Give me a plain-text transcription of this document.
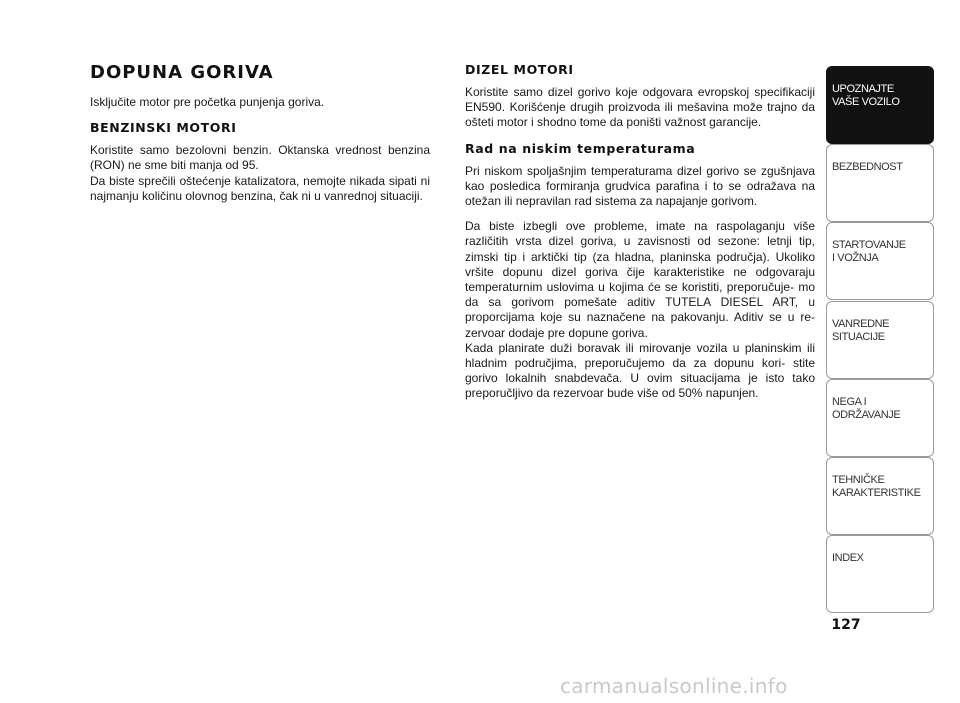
DOPUNA GORIVA

Isključite motor pre početka punjenja goriva.

BENZINSKI MOTORI

Koristite samo bezolovni benzin. Oktanska vrednost benzina (RON) ne sme biti manja od 95.

Da biste sprečili oštećenje katalizatora, nemojte nikada sipati ni najmanju količinu olovnog benzina, čak ni u vanrednoj situaciji.

DIZEL MOTORI

Koristite samo dizel gorivo koje odgovara evropskoj specifikaciji EN590. Korišćenje drugih proizvoda ili mešavina može trajno da ošteti motor i shodno tome da poništi važnost garancije.

Rad na niskim temperaturama

Pri niskom spoljašnjim temperaturama dizel gorivo se zgušnjava kao posledica formiranja grudvica parafina i to se odražava na otežan ili nepravilan rad sistema za napajanje gorivom.

Da biste izbegli ove probleme, imate na raspolaganju više različitih vrsta dizel goriva, u zavisnosti od sezone: letnji tip, zimski tip i arktički tip (za hladna, planinska područja). Ukoliko vršite dopunu dizel goriva čije karakteristike ne odgovaraju temperaturnim uslovima u kojima će se koristiti, preporučuje- mo da sa gorivom pomešate aditiv TUTELA DIESEL ART, u proporcijama koje su naznačene na pakovanju. Aditiv se u re- zervoar dodaje pre dopune goriva.

Kada planirate duži boravak ili mirovanje vozila u planinskim ili hladnim područjima, preporučujemo da za dopunu kori- stite gorivo lokalnih snabdevača. U ovim situacijama je isto tako preporučljivo da rezervoar bude više od 50% napunjen.

UPOZNAJTE
VAŠE VOZILO
BEZBEDNOST
STARTOVANJE
I VOŽNJA
VANREDNE
SITUACIJE
NEGA I
ODRŽAVANJE
TEHNIČKE
KARAKTERISTIKE
INDEX
127
carmanualsonline.info
